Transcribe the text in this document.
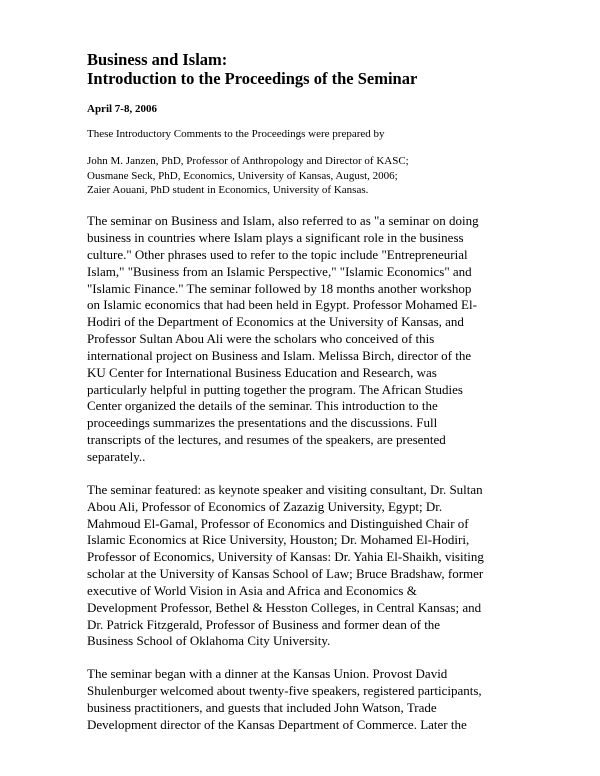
Business and Islam:
Introduction to the Proceedings of the Seminar

April 7-8, 2006

These Introductory Comments to the Proceedings were prepared by

John M. Janzen, PhD, Professor of Anthropology and Director of KASC;
Ousmane Seck, PhD, Economics, University of Kansas, August, 2006;
Zaier Aouani, PhD student in Economics, University of Kansas.

The seminar on Business and Islam, also referred to as "a seminar on doing
business in countries where Islam plays a significant role in the business
culture." Other phrases used to refer to the topic include "Entrepreneurial
Islam," "Business from an Islamic Perspective," "Islamic Economics" and
"Islamic Finance." The seminar followed by 18 months another workshop
on Islamic economics that had been held in Egypt. Professor Mohamed El-
Hodiri of the Department of Economics at the University of Kansas, and
Professor Sultan Abou Ali were the scholars who conceived of this
international project on Business and Islam. Melissa Birch, director of the
KU Center for International Business Education and Research, was
particularly helpful in putting together the program. The African Studies
Center organized the details of the seminar. This introduction to the
proceedings summarizes the presentations and the discussions. Full
transcripts of the lectures, and resumes of the speakers, are presented
separately..

The seminar featured: as keynote speaker and visiting consultant, Dr. Sultan
Abou Ali, Professor of Economics of Zazazig University, Egypt; Dr.
Mahmoud El-Gamal, Professor of Economics and Distinguished Chair of
Islamic Economics at Rice University, Houston; Dr. Mohamed El-Hodiri,
Professor of Economics, University of Kansas: Dr. Yahia El-Shaikh, visiting
scholar at the University of Kansas School of Law; Bruce Bradshaw, former
executive of World Vision in Asia and Africa and Economics &
Development Professor, Bethel & Hesston Colleges, in Central Kansas; and
Dr. Patrick Fitzgerald, Professor of Business and former dean of the
Business School of Oklahoma City University.

The seminar began with a dinner at the Kansas Union. Provost David
Shulenburger welcomed about twenty-five speakers, registered participants,
business practitioners, and guests that included John Watson, Trade
Development director of the Kansas Department of Commerce. Later the
